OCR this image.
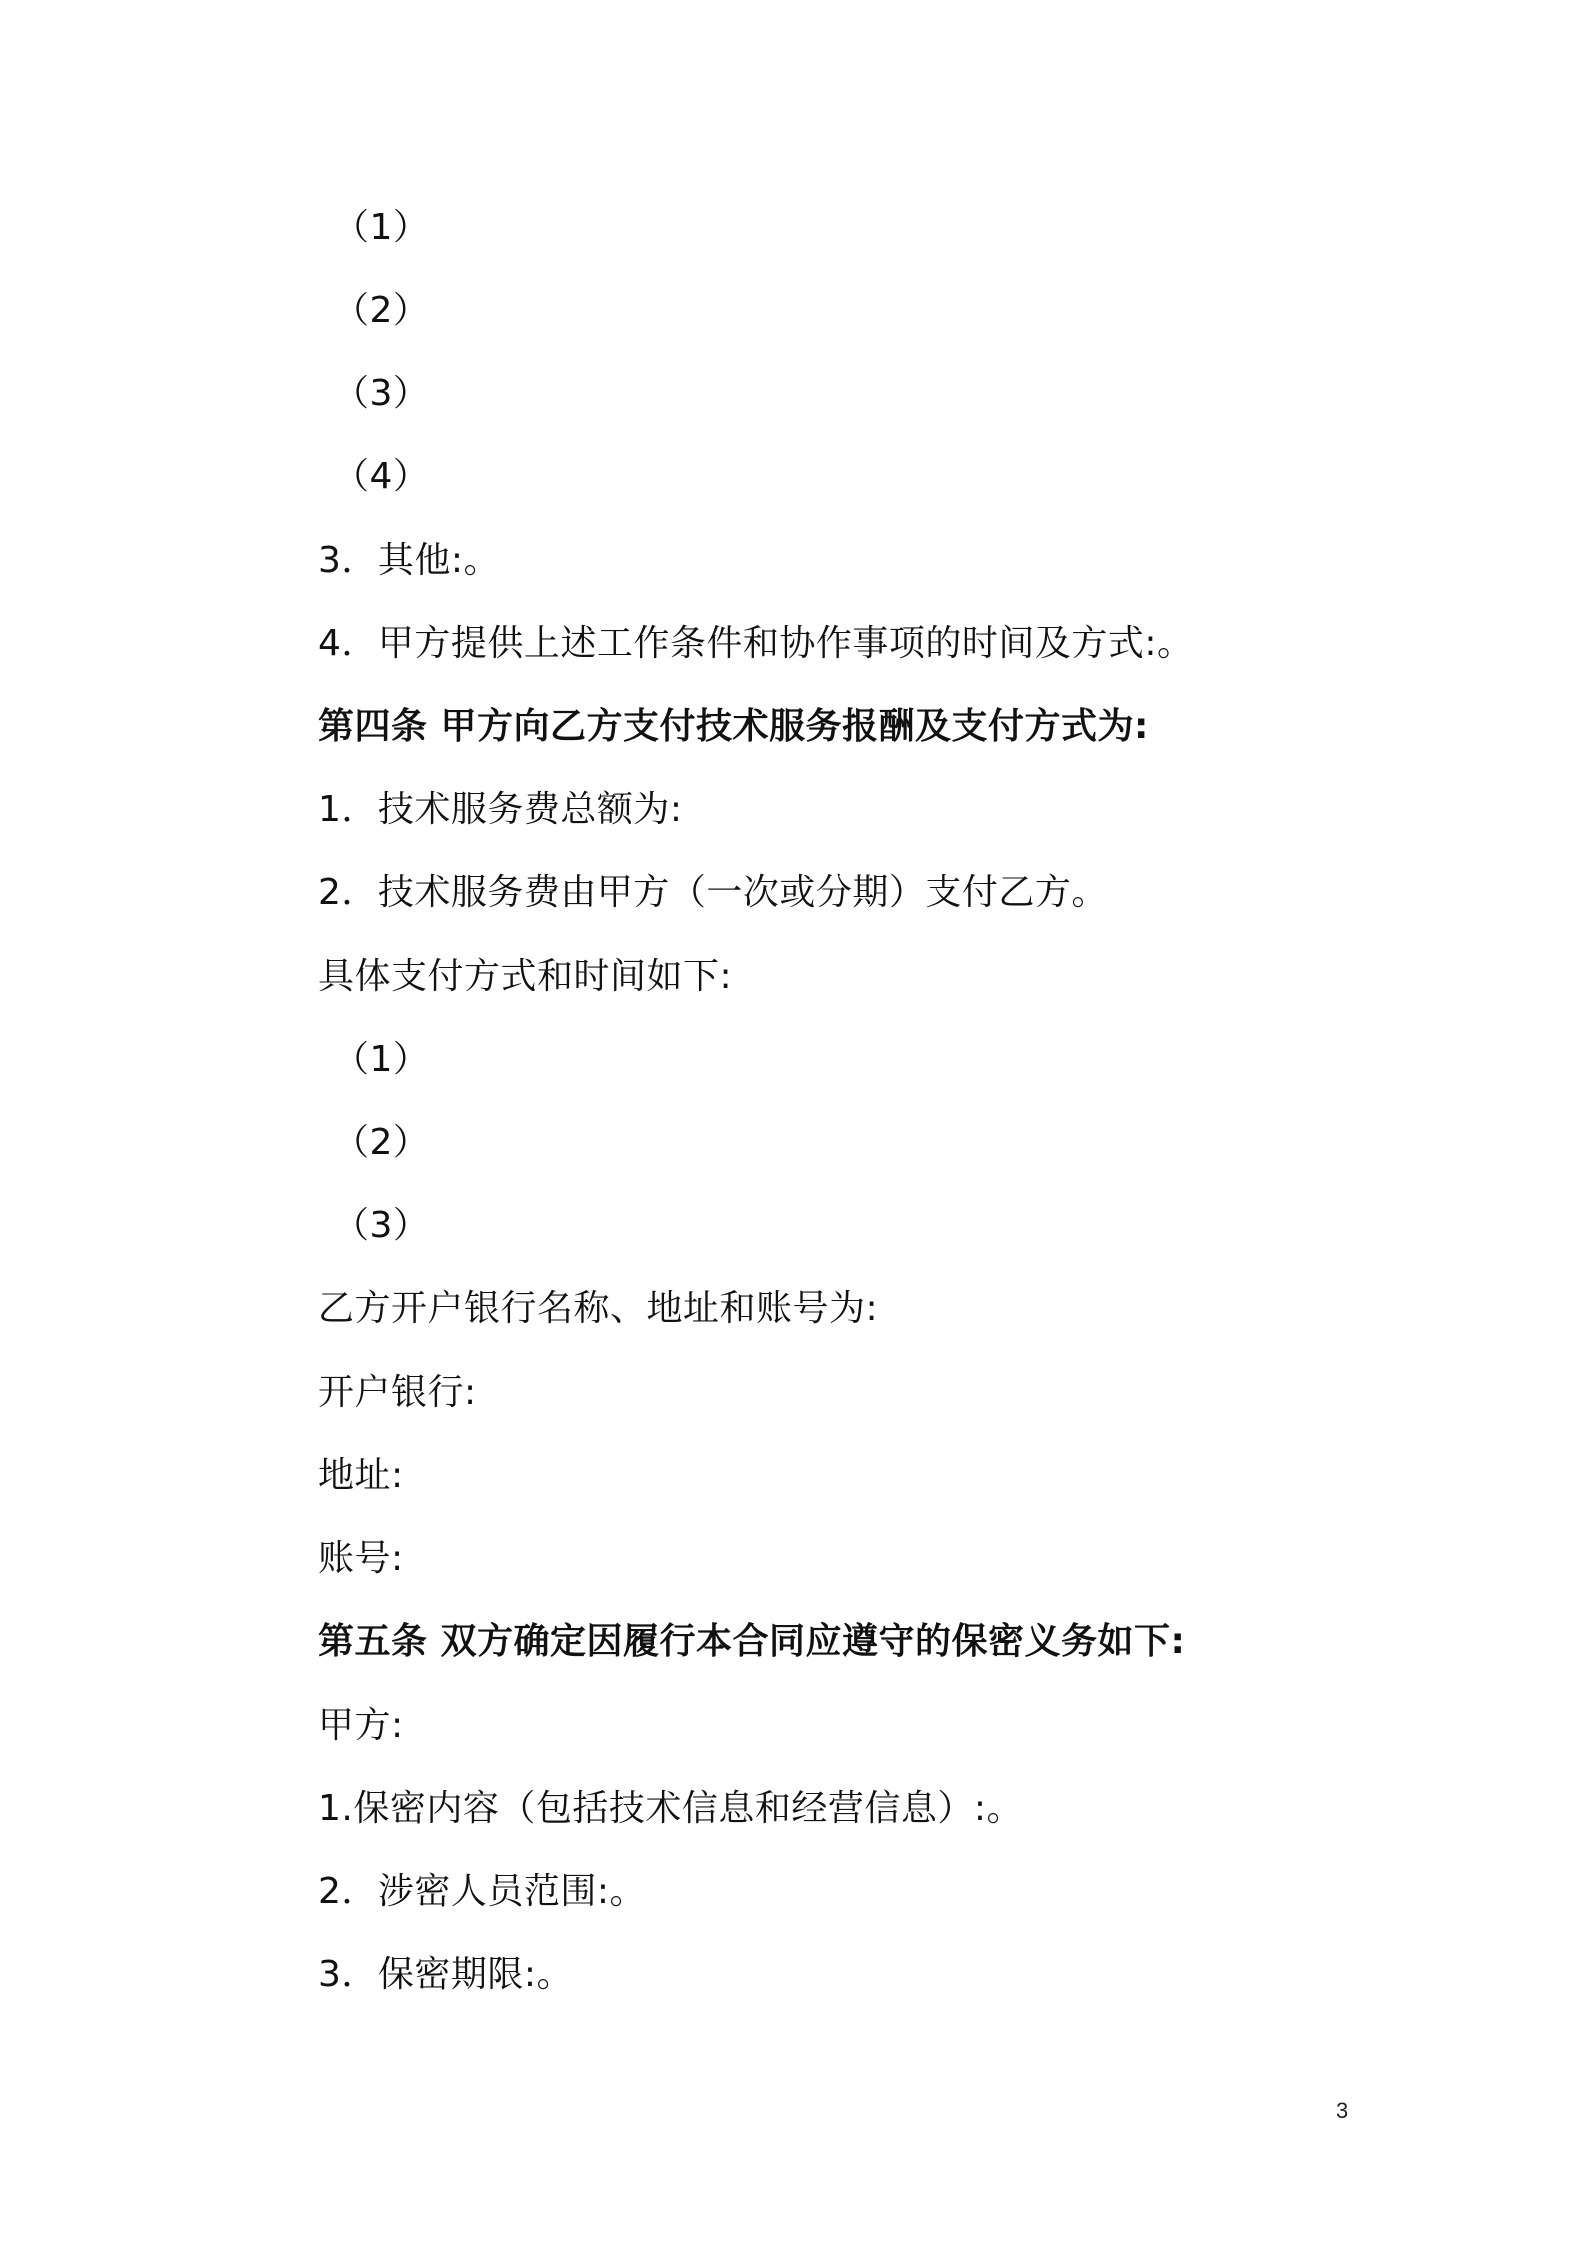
（1）
（2）
（3）
（4）
3．其他:。
4．甲方提供上述工作条件和协作事项的时间及方式:。
第四条 甲方向乙方支付技术服务报酬及支付方式为:
1．技术服务费总额为:
2．技术服务费由甲方（一次或分期）支付乙方。
具体支付方式和时间如下:
（1）
（2）
（3）
乙方开户银行名称、地址和账号为:
开户银行:
地址:
账号:
第五条 双方确定因履行本合同应遵守的保密义务如下:
甲方:
1.保密内容（包括技术信息和经营信息）:。
2．涉密人员范围:。
3．保密期限:。
3
